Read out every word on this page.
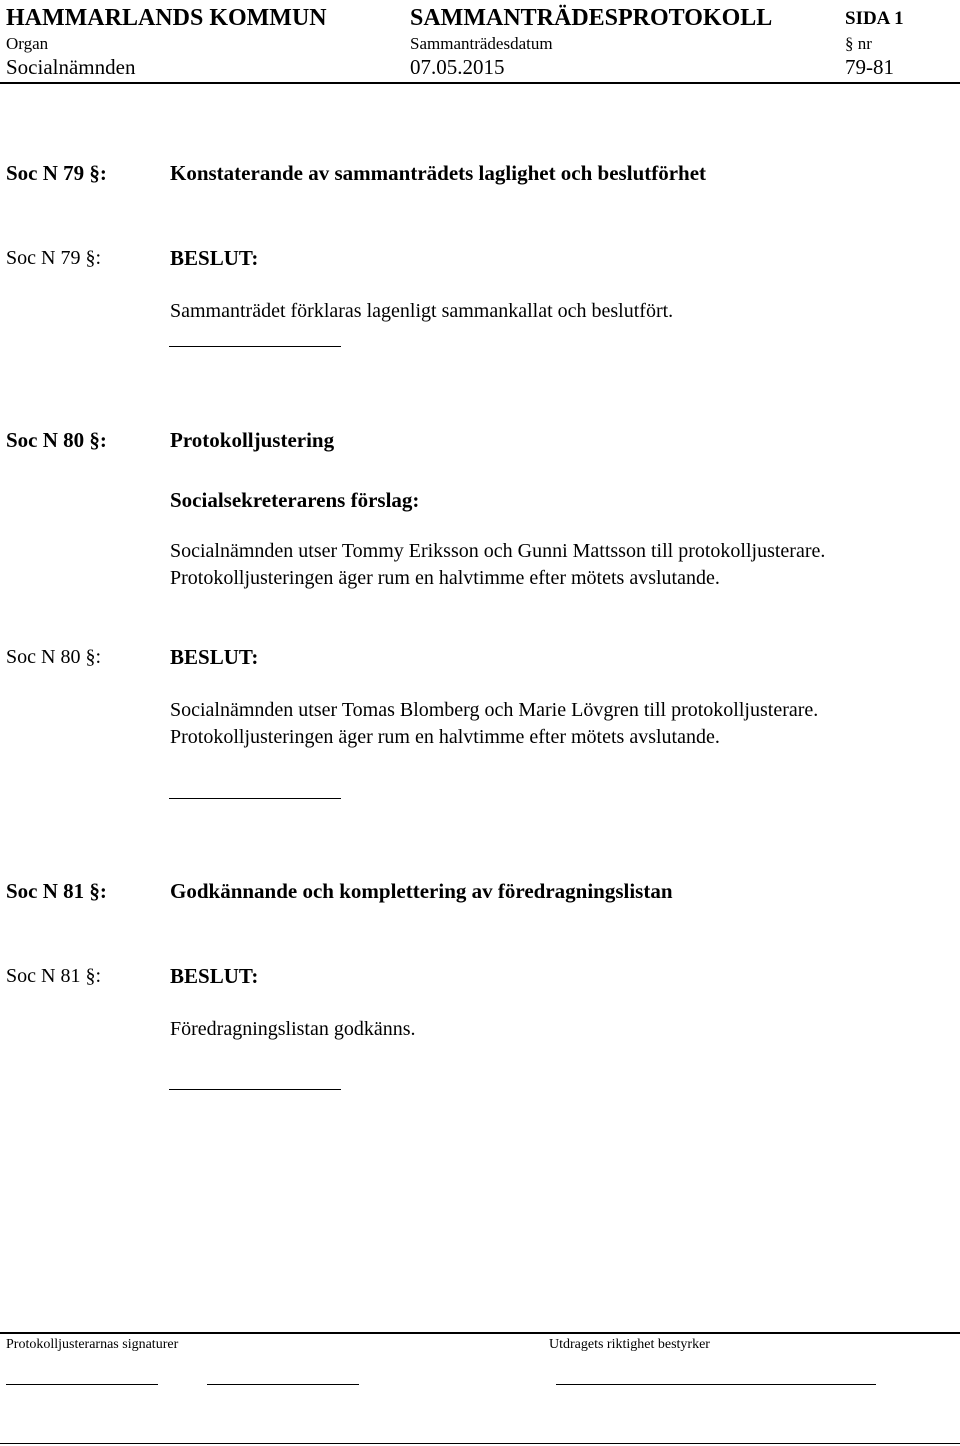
HAMMARLANDS KOMMUN	SAMMANTRÄDESPROTOKOLL	SIDA 1
Organ	Sammanträdesdatum	§ nr
Socialnämnden	07.05.2015	79-81
Soc N 79 §:	Konstaterande av sammanträdets laglighet och beslutförhet
Soc N 79 §:	BESLUT:
Sammanträdet förklaras lagenligt sammankallat och beslutfört.
Soc N 80 §:	Protokolljustering
Socialsekreterarens förslag:
Socialnämnden utser Tommy Eriksson och Gunni Mattsson till protokolljusterare.
Protokolljusteringen äger rum en halvtimme efter mötets avslutande.
Soc N 80 §:	BESLUT:
Socialnämnden utser Tomas Blomberg och Marie Lövgren till protokolljusterare.
Protokolljusteringen äger rum en halvtimme efter mötets avslutande.
Soc N 81 §:	Godkännande och komplettering av föredragningslistan
Soc N 81 §:	BESLUT:
Föredragningslistan godkänns.
Protokolljusterarnas signaturer	Utdragets riktighet bestyrker
